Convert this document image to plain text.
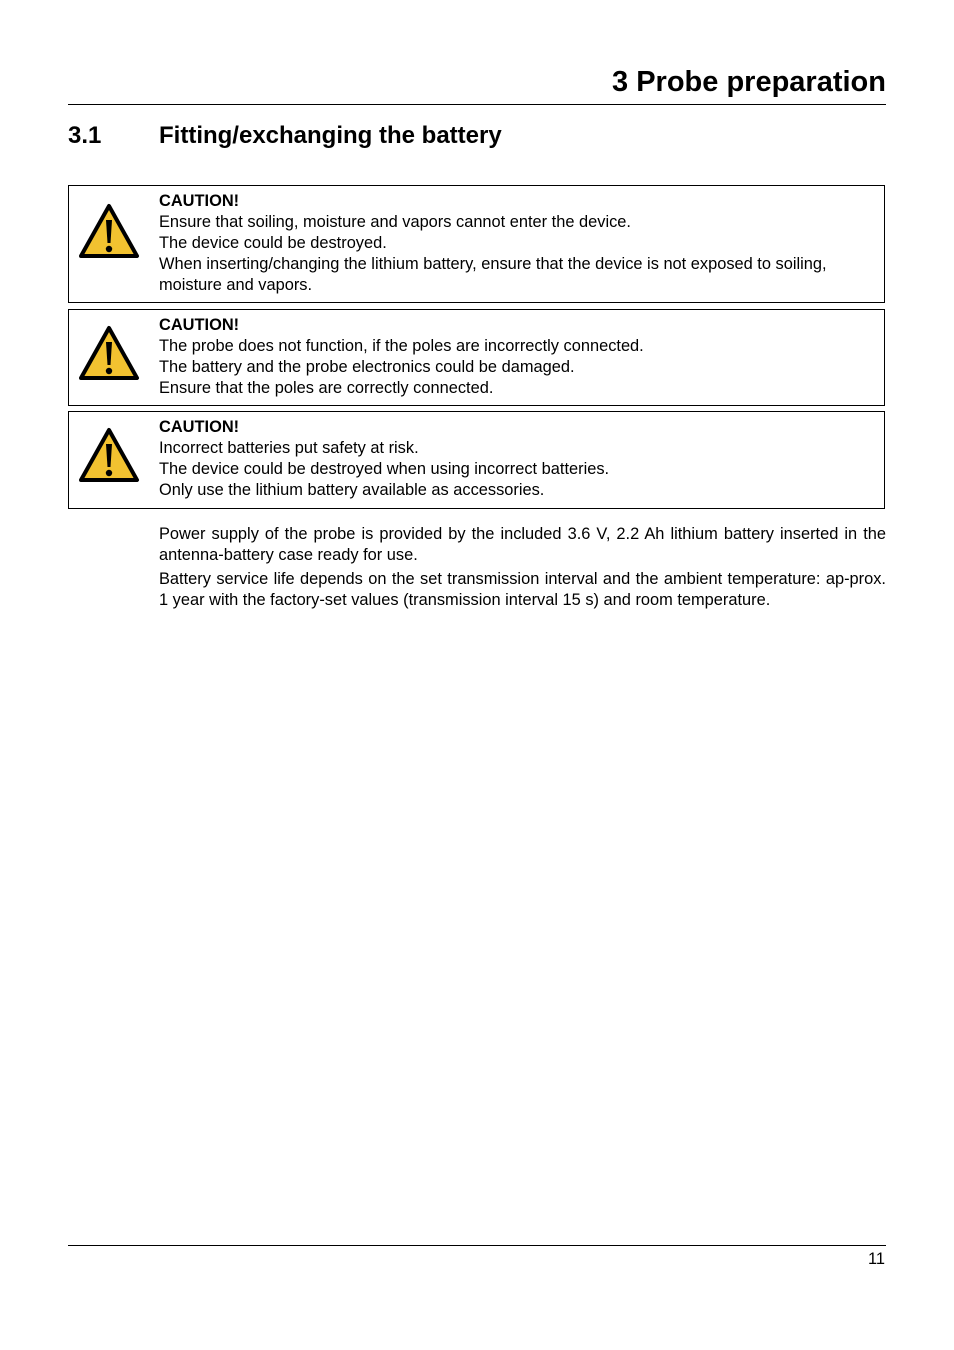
3 Probe preparation
3.1 Fitting/exchanging the battery
CAUTION!
Ensure that soiling, moisture and vapors cannot enter the device.
The device could be destroyed.
When inserting/changing the lithium battery, ensure that the device is not exposed to soiling, moisture and vapors.
CAUTION!
The probe does not function, if the poles are incorrectly connected.
The battery and the probe electronics could be damaged.
Ensure that the poles are correctly connected.
CAUTION!
Incorrect batteries put safety at risk.
The device could be destroyed when using incorrect batteries.
Only use the lithium battery available as accessories.

Power supply of the probe is provided by the included 3.6 V, 2.2 Ah lithium battery inserted in the antenna-battery case ready for use.

Battery service life depends on the set transmission interval and the ambient temperature: ap-prox. 1 year with the factory-set values (transmission interval 15 s) and room temperature.

11
